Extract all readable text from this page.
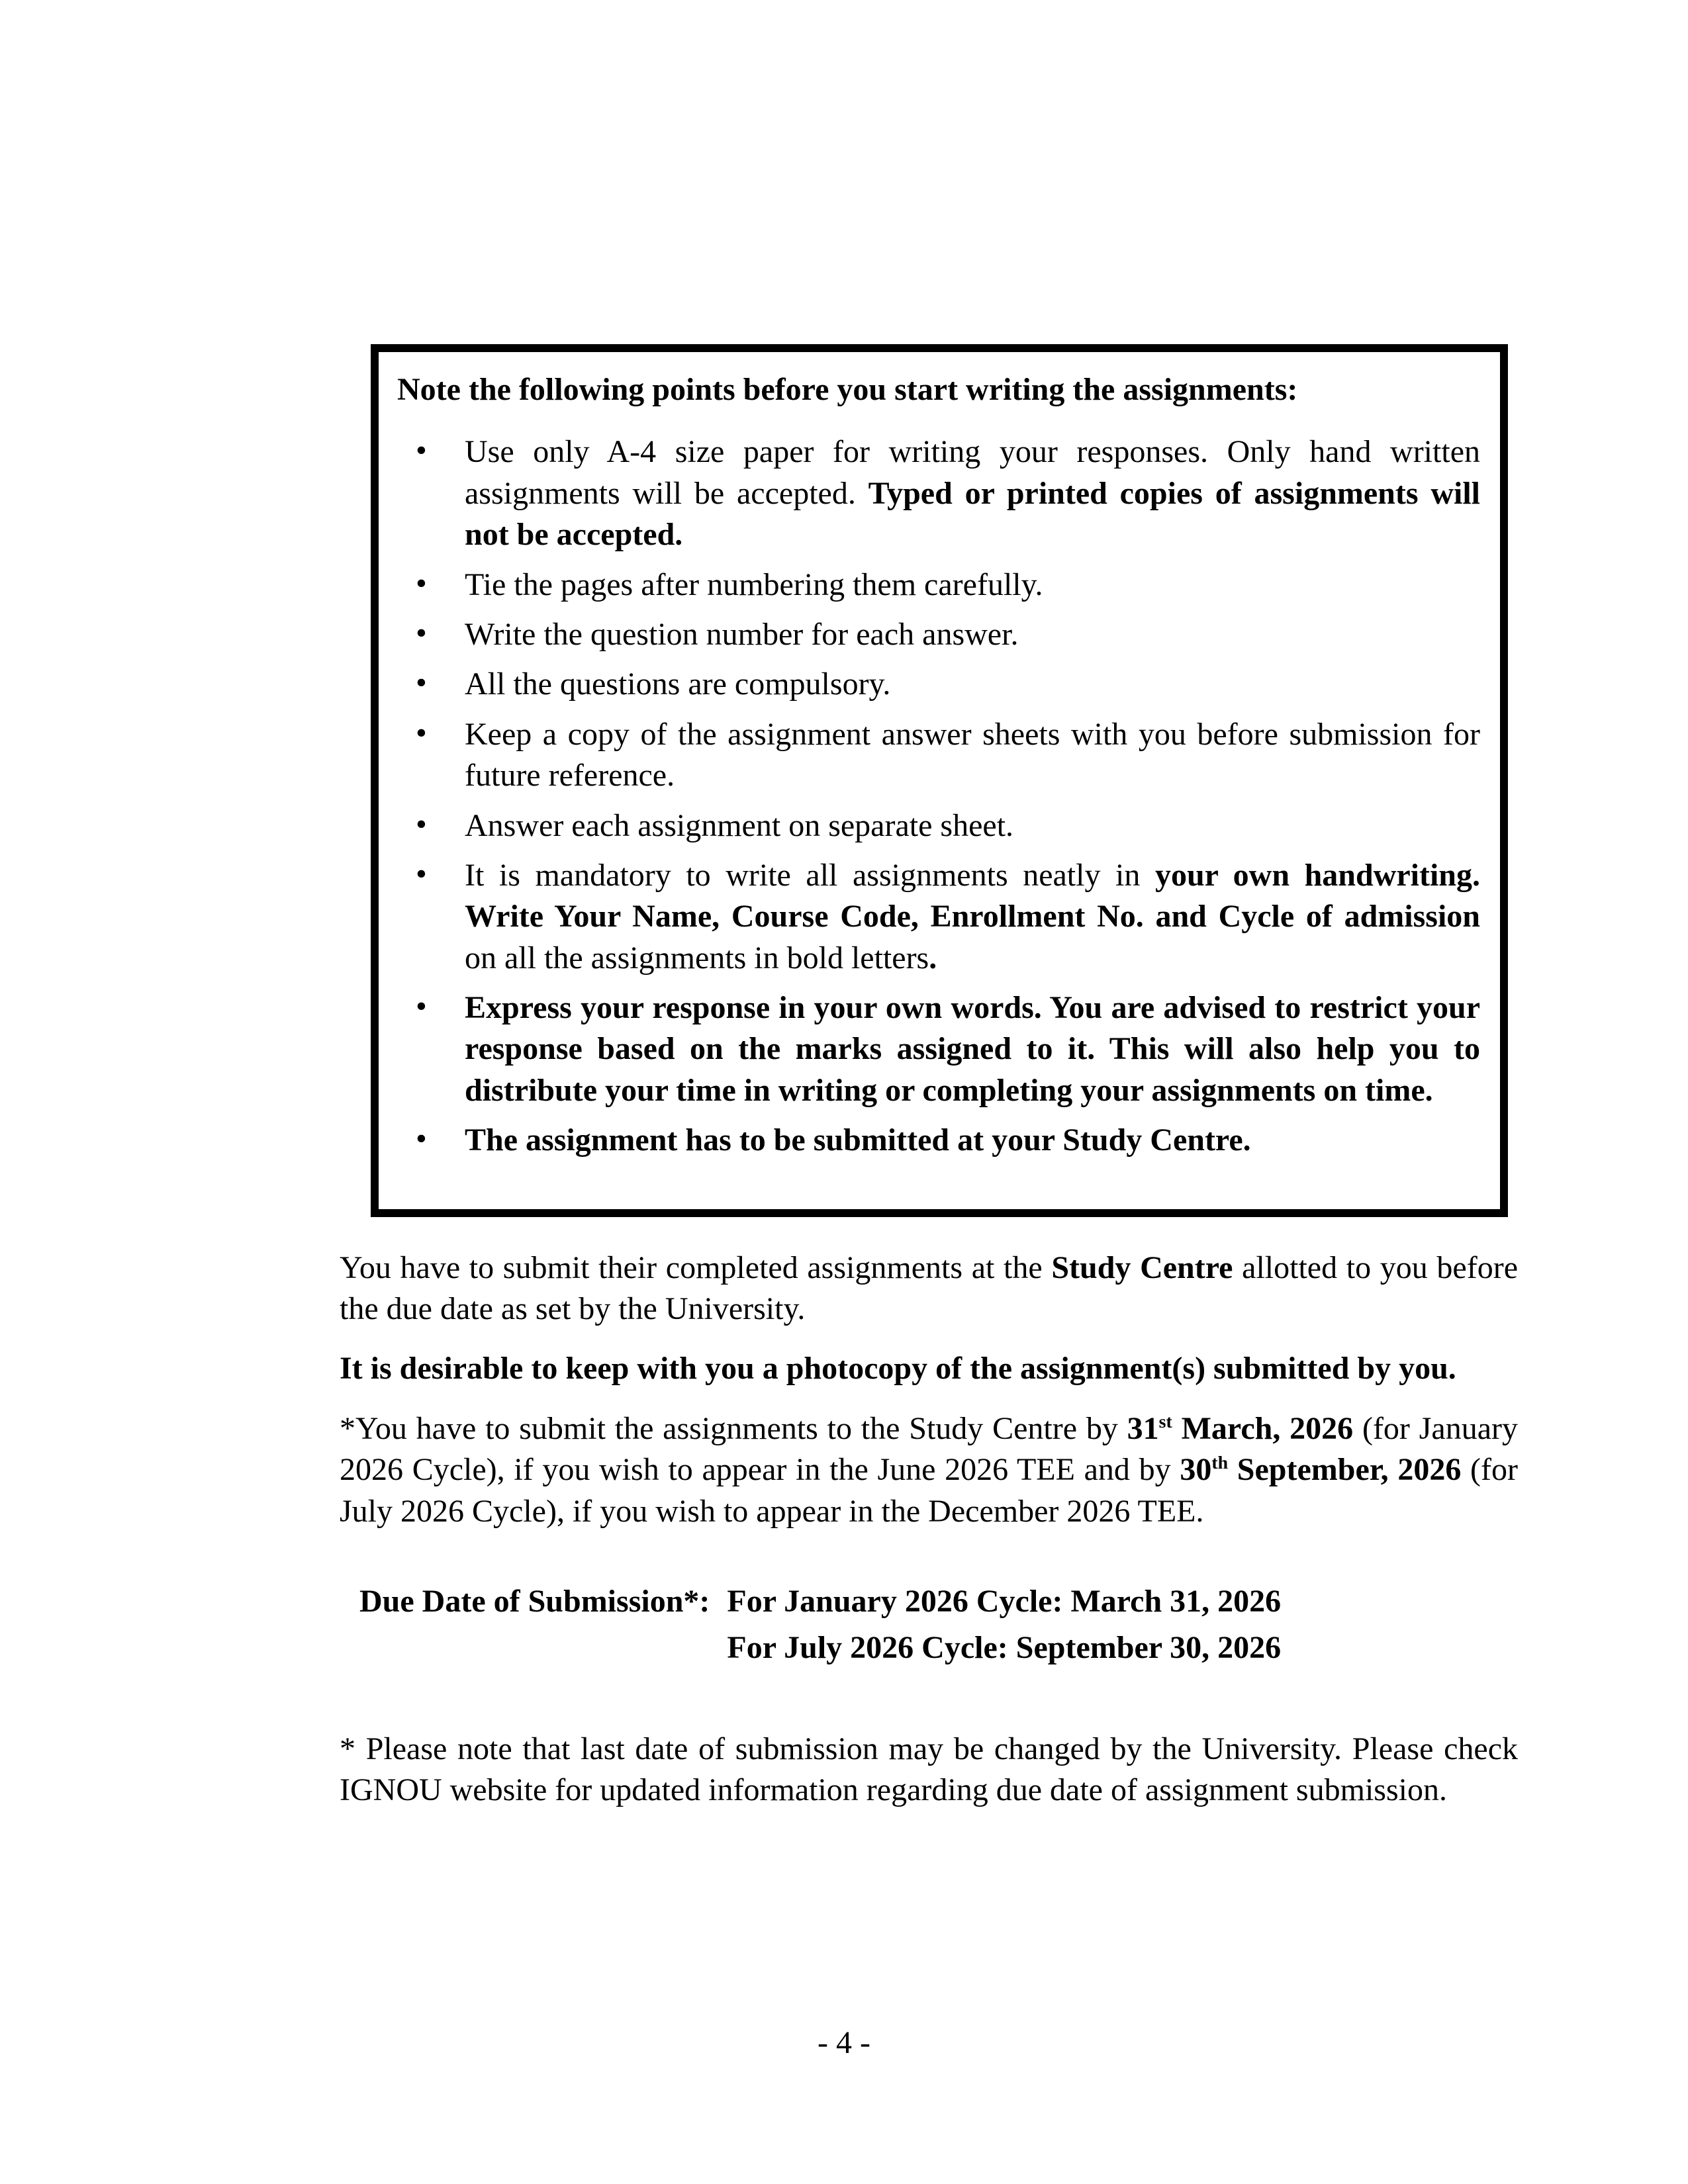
Note the following points before you start writing the assignments:

• Use only A-4 size paper for writing your responses. Only hand written assignments will be accepted. Typed or printed copies of assignments will not be accepted.
• Tie the pages after numbering them carefully.
• Write the question number for each answer.
• All the questions are compulsory.
• Keep a copy of the assignment answer sheets with you before submission for future reference.
• Answer each assignment on separate sheet.
• It is mandatory to write all assignments neatly in your own handwriting. Write Your Name, Course Code, Enrollment No. and Cycle of admission on all the assignments in bold letters.
• Express your response in your own words. You are advised to restrict your response based on the marks assigned to it. This will also help you to distribute your time in writing or completing your assignments on time.
• The assignment has to be submitted at your Study Centre.

You have to submit their completed assignments at the Study Centre allotted to you before the due date as set by the University.

It is desirable to keep with you a photocopy of the assignment(s) submitted by you.

*You have to submit the assignments to the Study Centre by 31st March, 2026 (for January 2026 Cycle), if you wish to appear in the June 2026 TEE and by 30th September, 2026 (for July 2026 Cycle), if you wish to appear in the December 2026 TEE.

Due Date of Submission*: For January 2026 Cycle: March 31, 2026

For July 2026 Cycle: September 30, 2026

* Please note that last date of submission may be changed by the University. Please check IGNOU website for updated information regarding due date of assignment submission.

- 4 -
